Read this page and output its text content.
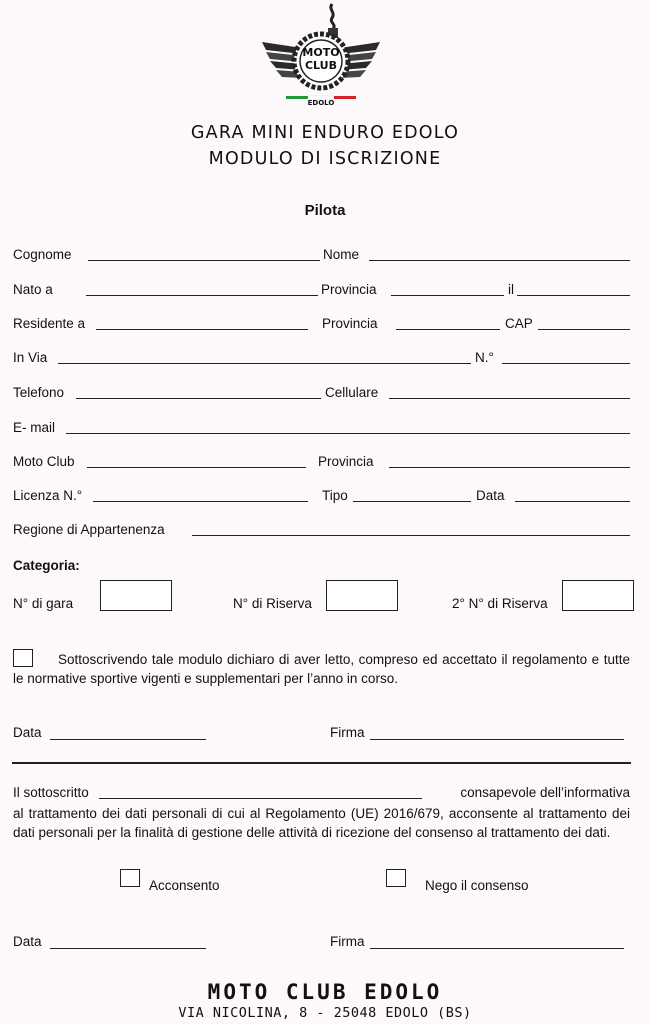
MOTO
CLUB
EDOLO
GARA MINI ENDURO EDOLO
MODULO DI ISCRIZIONE
Pilota
Cognome	Nome
Nato a	Provincia	il
Residente a	Provincia	CAP
In Via	N.°
Telefono	Cellulare
E- mail
Moto Club	Provincia
Licenza N.°	Tipo	Data
Regione di Appartenenza
Categoria:
N° di gara	N° di Riserva	2° N° di Riserva
Sottoscrivendo tale modulo dichiaro di aver letto, compreso ed accettato il regolamento e tutte le normative sportive vigenti e supplementari per l’anno in corso.
Data	Firma
Il sottoscritto	consapevole dell’informativa
al trattamento dei dati personali di cui al Regolamento (UE) 2016/679, acconsente al trattamento dei dati personali per la finalità di gestione delle attività di ricezione del consenso al trattamento dei dati.
Acconsento	Nego il consenso
Data	Firma
MOTO CLUB EDOLO
VIA NICOLINA, 8 - 25048 EDOLO (BS)
